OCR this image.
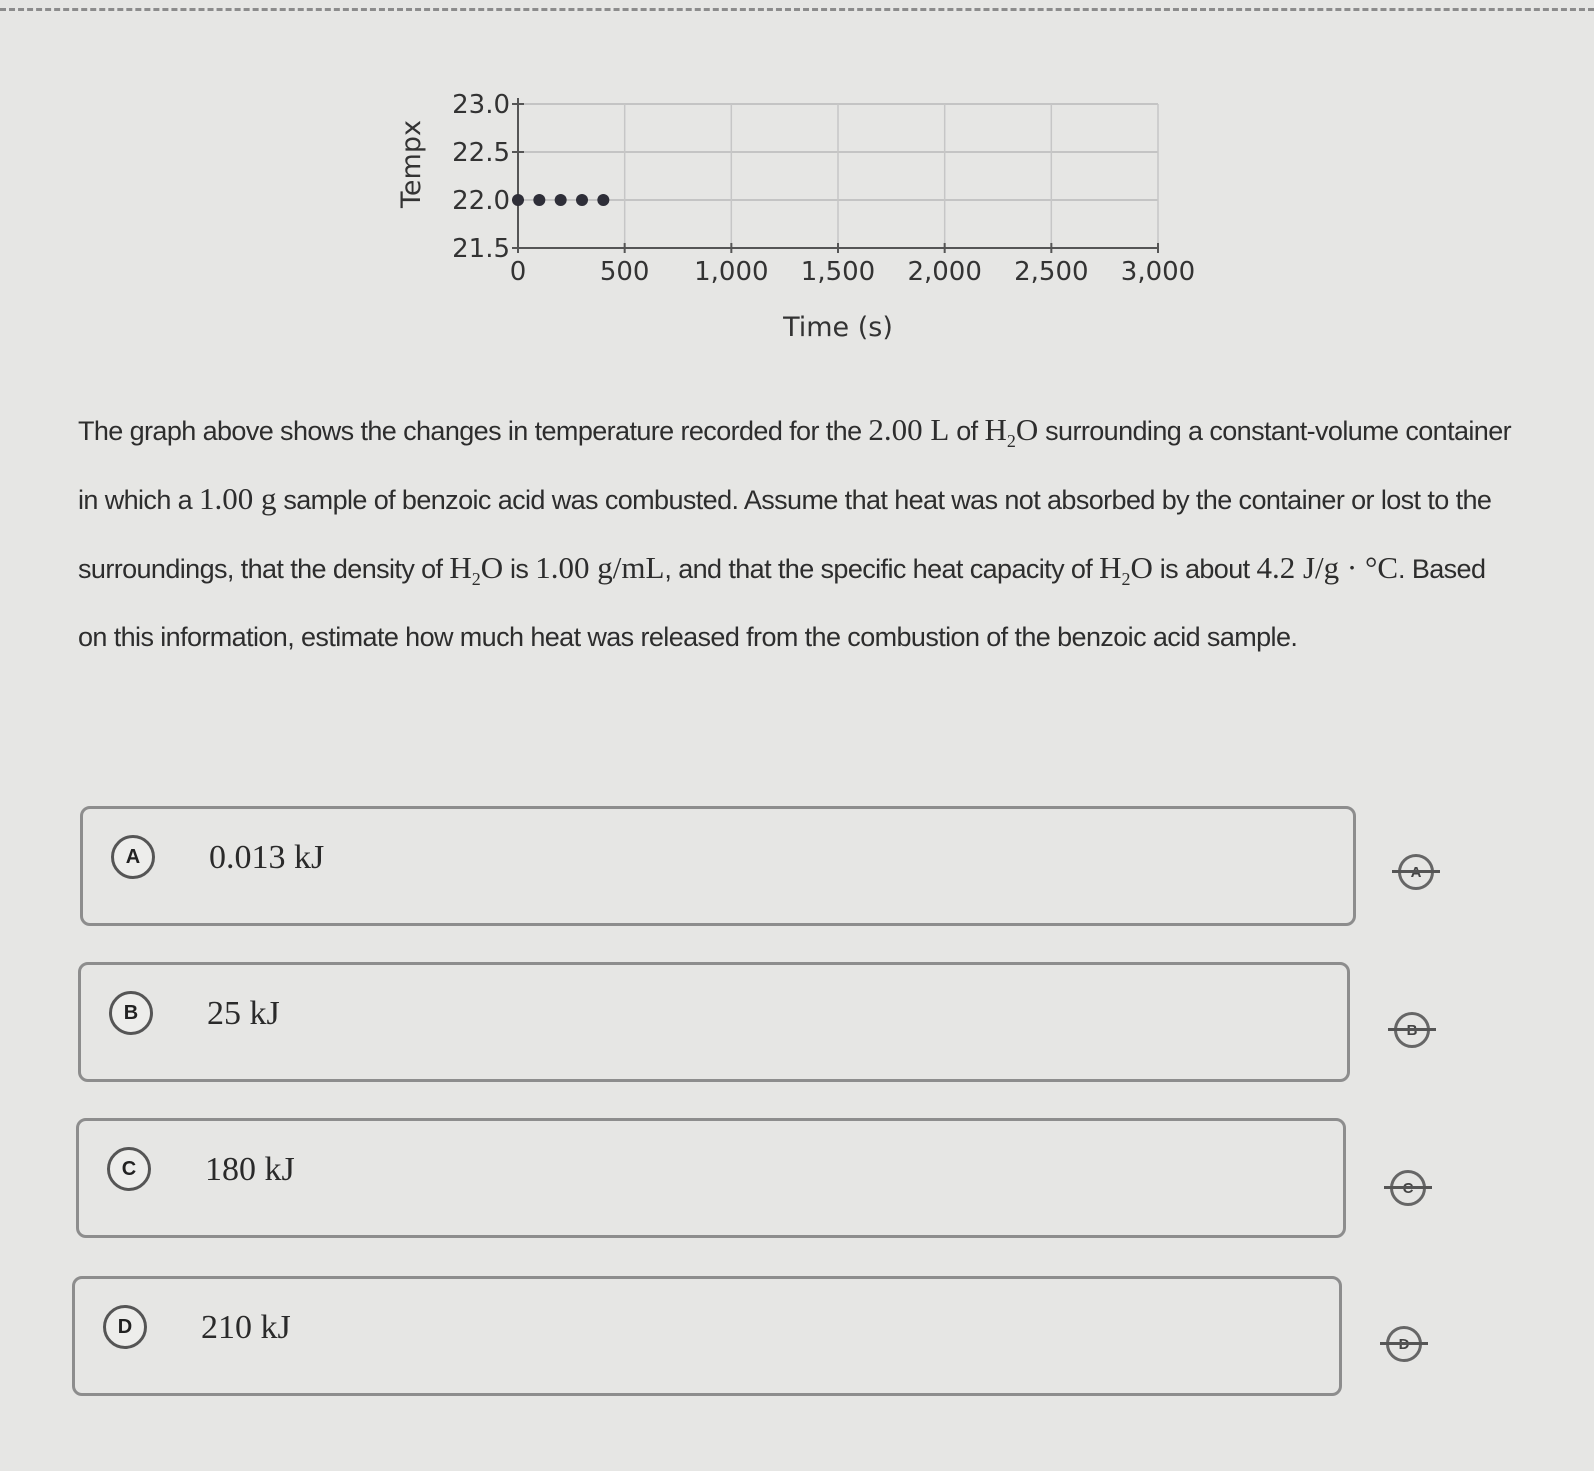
23.0
22.5
22.0
21.5
0	500 1,000 1,500 2,000 2,500 3,000
Time (s)
Tempx
The graph above shows the changes in temperature recorded for the 2.00 L of $H_2O$ surrounding a constant-volume container in which a 1.00 g sample of benzoic acid was combusted. Assume that heat was not absorbed by the container or lost to the surroundings, that the density of $H_2O$ is 1.00 g/mL, and that the specific heat capacity of $H_2O$ is about 4.2 J/g · °C. Based on this information, estimate how much heat was released from the combustion of the benzoic acid sample.
A	0.013 kJ
B	25 kJ
C	180 kJ
D	210 kJ
